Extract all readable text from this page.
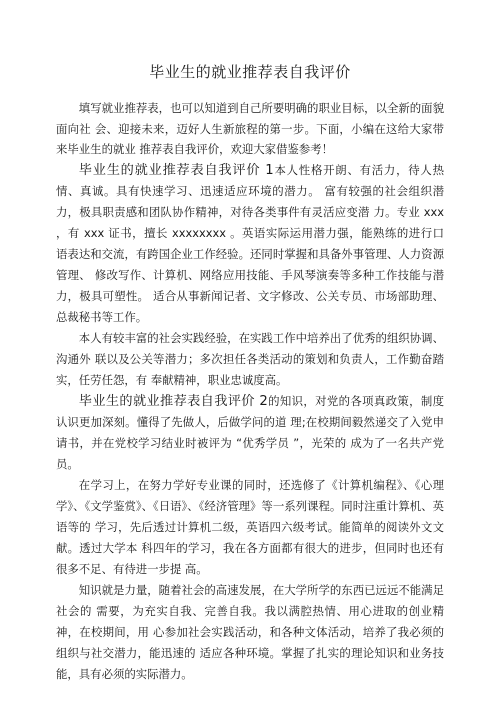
毕业生的就业推荐表自我评价

填写就业推荐表，也可以知道到自己所要明确的职业目标，以全新的面貌面向社 会、迎接未来，迈好人生新旅程的第一步。下面，小编在这给大家带来毕业生的就业 推荐表自我评价，欢迎大家借鉴参考！

毕业生的就业推荐表自我评价 1本人性格开朗、有活力，待人热情、真诚。具有快速学习、迅速适应环境的潜力。 富有较强的社会组织潜力，极具职责感和团队协作精神，对待各类事件有灵活应变潜 力。专业 xxx ，有 xxx 证书，擅长 xxxxxxxx 。英语实际运用潜力强，能熟练的进行口 语表达和交流，有跨国企业工作经验。还同时掌握和具备外事管理、人力资源管理、 修改写作、计算机、网络应用技能、手风琴演奏等多种工作技能与潜力，极具可塑性。 适合从事新闻记者、文字修改、公关专员、市场部助理、总裁秘书等工作。

本人有较丰富的社会实践经验，在实践工作中培养出了优秀的组织协调、沟通外 联以及公关等潜力；多次担任各类活动的策划和负责人，工作勤奋踏实，任劳任怨，有 奉献精神，职业忠诚度高。

毕业生的就业推荐表自我评价 2的知识，对党的各项真政策，制度认识更加深刻。懂得了先做人，后做学问的道 理;在校期间毅然递交了入党申请书，并在党校学习结业时被评为 “优秀学员 ”，光荣的 成为了一名共产党员。

在学习上，在努力学好专业课的同时，还选修了《计算机编程》、《心理学》、《文学鉴赏》、《日语》、《经济管理》等一系列课程。同时注重计算机、英语等的 学习，先后透过计算机二级，英语四六级考试。能简单的阅读外文文献。透过大学本 科四年的学习，我在各方面都有很大的进步，但同时也还有很多不足、有待进一步提 高。

知识就是力量，随着社会的高速发展，在大学所学的东西已远远不能满足社会的 需要，为充实自我、完善自我。我以满腔热情、用心进取的创业精神，在校期间，用 心参加社会实践活动，和各种文体活动，培养了我必须的组织与社交潜力，能迅速的 适应各种环境。掌握了扎实的理论知识和业务技能，具有必须的实际潜力。
